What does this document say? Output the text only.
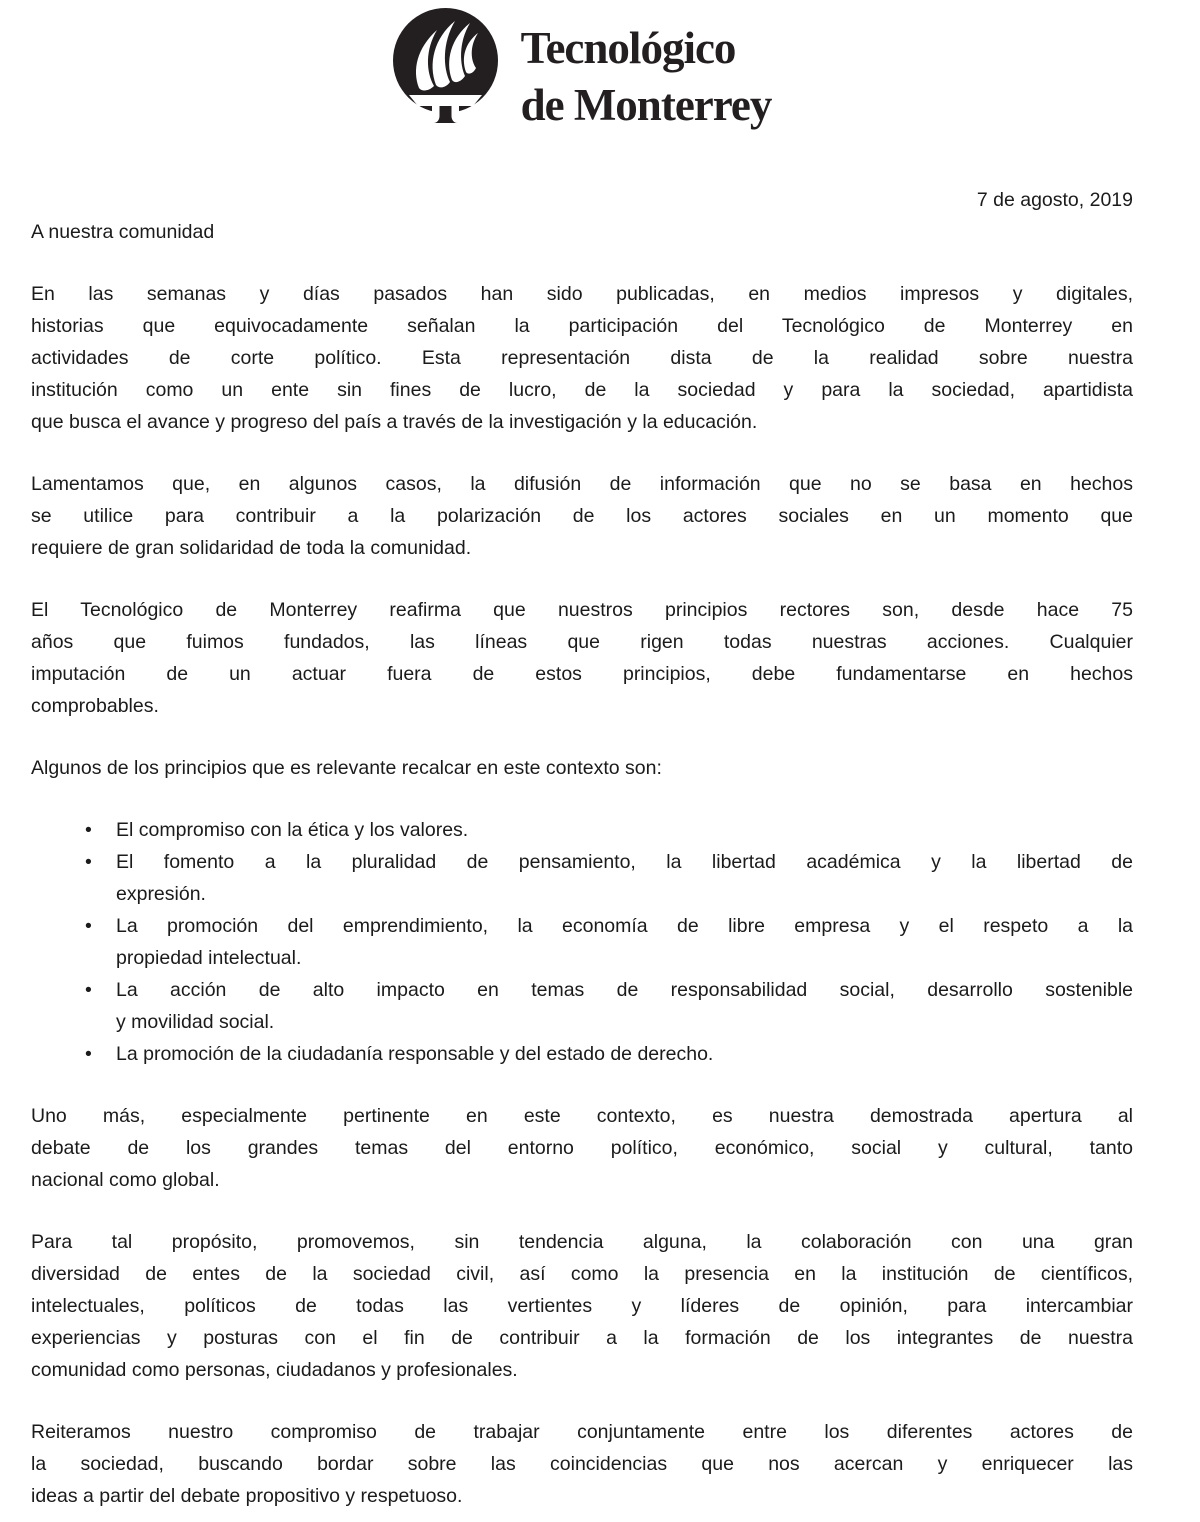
Tecnológico
de Monterrey
7 de agosto, 2019
A nuestra comunidad
En las semanas y días pasados han sido publicadas, en medios impresos y digitales,
historias que equivocadamente señalan la participación del Tecnológico de Monterrey en
actividades de corte político. Esta representación dista de la realidad sobre nuestra
institución como un ente sin fines de lucro, de la sociedad y para la sociedad, apartidista
que busca el avance y progreso del país a través de la investigación y la educación.
Lamentamos que, en algunos casos, la difusión de información que no se basa en hechos
se utilice para contribuir a la polarización de los actores sociales en un momento que
requiere de gran solidaridad de toda la comunidad.
El Tecnológico de Monterrey reafirma que nuestros principios rectores son, desde hace 75
años que fuimos fundados, las líneas que rigen todas nuestras acciones. Cualquier
imputación de un actuar fuera de estos principios, debe fundamentarse en hechos
comprobables.
Algunos de los principios que es relevante recalcar en este contexto son:
• El compromiso con la ética y los valores.
• El fomento a la pluralidad de pensamiento, la libertad académica y la libertad de
expresión.
• La promoción del emprendimiento, la economía de libre empresa y el respeto a la
propiedad intelectual.
• La acción de alto impacto en temas de responsabilidad social, desarrollo sostenible
y movilidad social.
• La promoción de la ciudadanía responsable y del estado de derecho.
Uno más, especialmente pertinente en este contexto, es nuestra demostrada apertura al
debate de los grandes temas del entorno político, económico, social y cultural, tanto
nacional como global.
Para tal propósito, promovemos, sin tendencia alguna, la colaboración con una gran
diversidad de entes de la sociedad civil, así como la presencia en la institución de científicos,
intelectuales, políticos de todas las vertientes y líderes de opinión, para intercambiar
experiencias y posturas con el fin de contribuir a la formación de los integrantes de nuestra
comunidad como personas, ciudadanos y profesionales.
Reiteramos nuestro compromiso de trabajar conjuntamente entre los diferentes actores de
la sociedad, buscando bordar sobre las coincidencias que nos acercan y enriquecer las
ideas a partir del debate propositivo y respetuoso.
